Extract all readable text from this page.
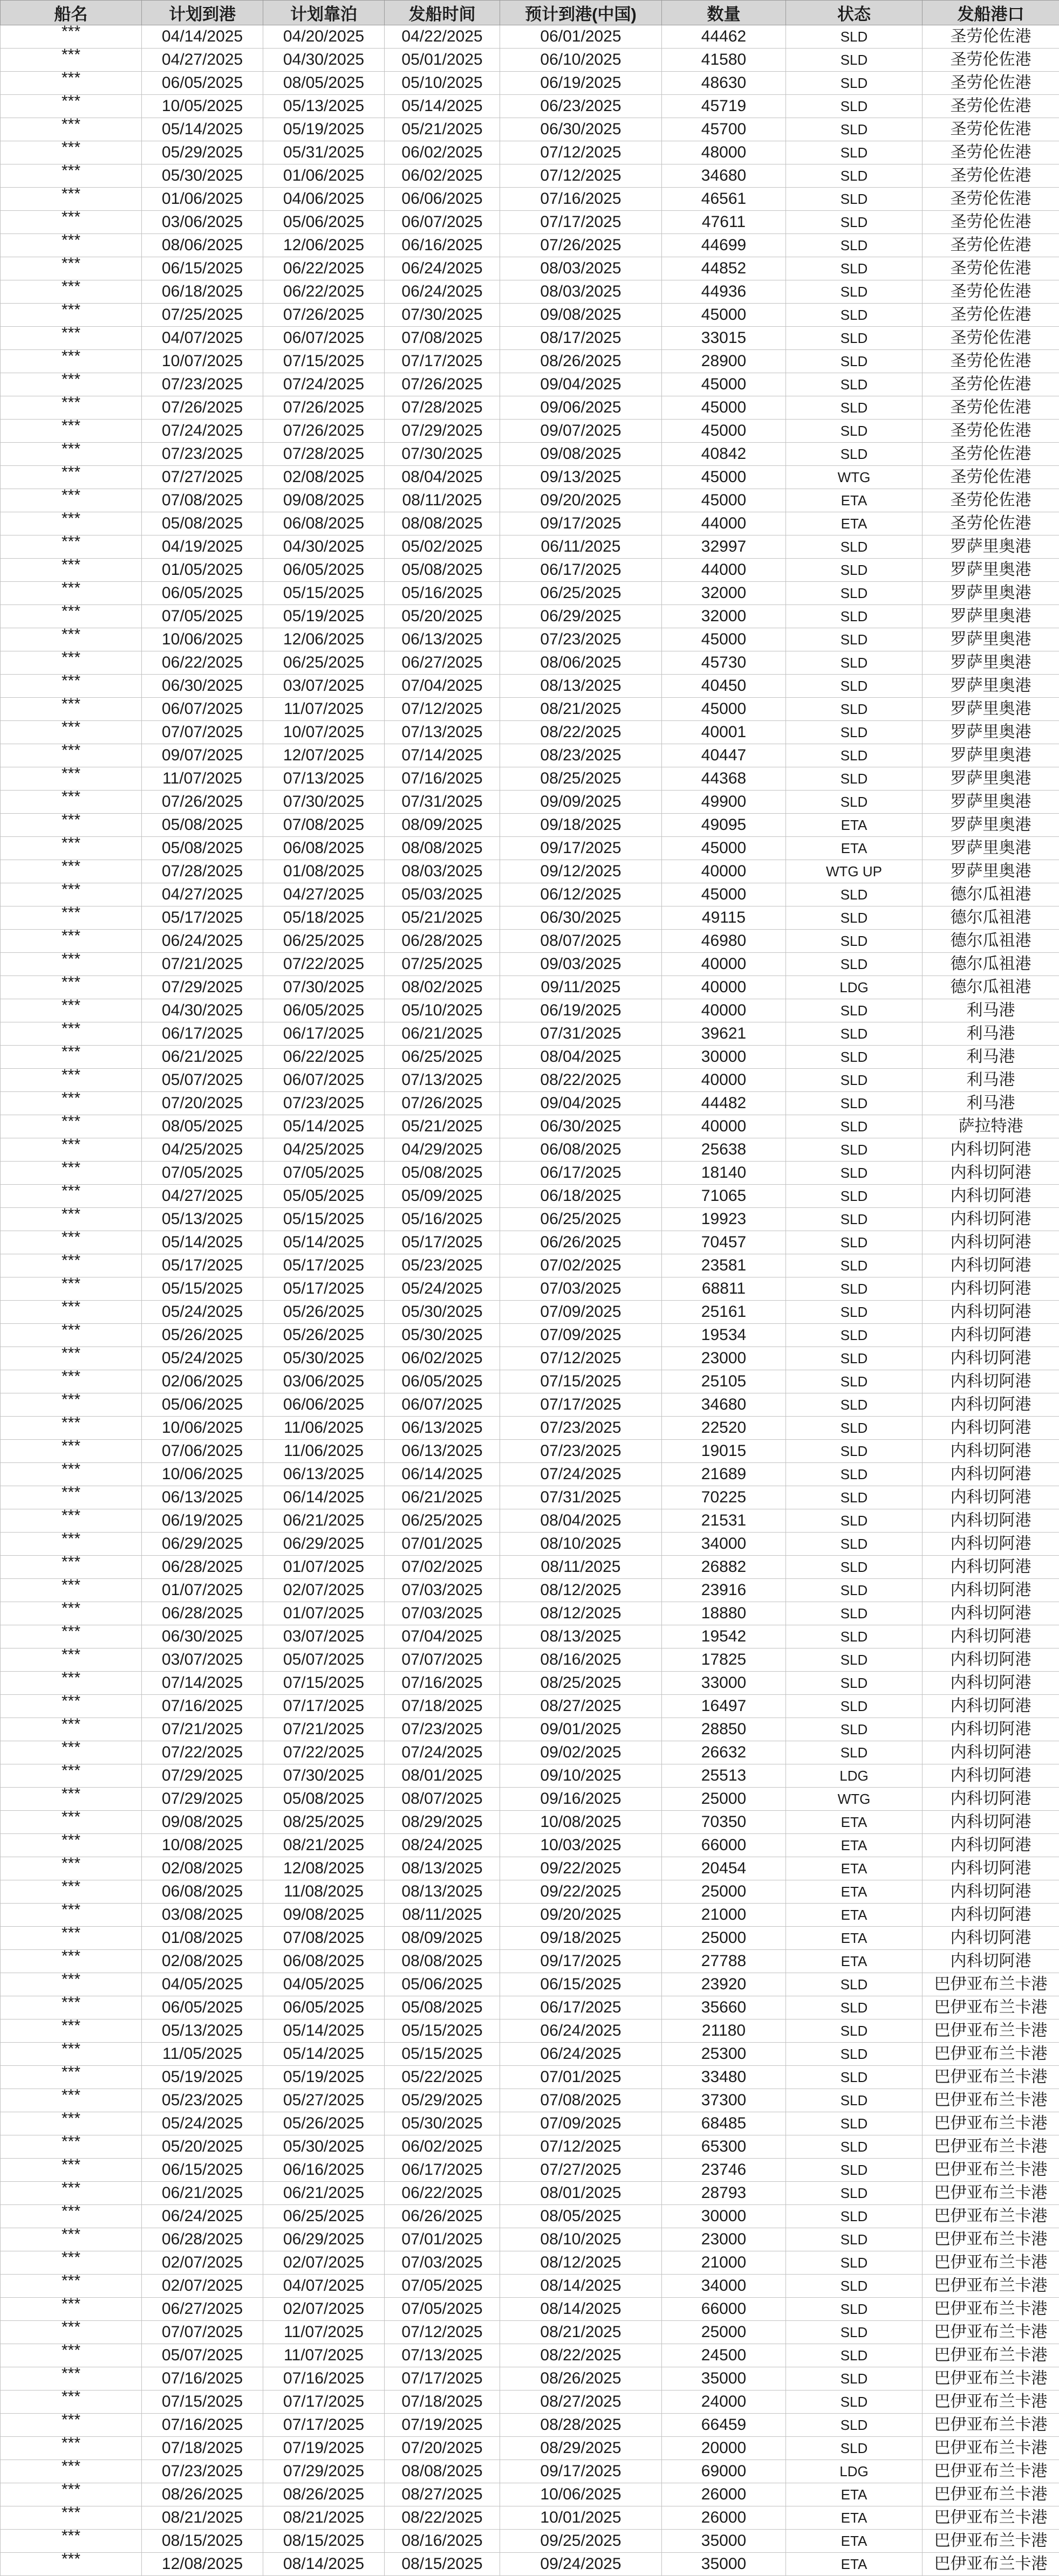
船名	计划到港	计划靠泊	发船时间	预计到港(中国)	数量	状态	发船港口
***	04/14/2025	04/20/2025	04/22/2025	06/01/2025	44462	SLD	圣劳伦佐港
***	04/27/2025	04/30/2025	05/01/2025	06/10/2025	41580	SLD	圣劳伦佐港
***	06/05/2025	08/05/2025	05/10/2025	06/19/2025	48630	SLD	圣劳伦佐港
***	10/05/2025	05/13/2025	05/14/2025	06/23/2025	45719	SLD	圣劳伦佐港
***	05/14/2025	05/19/2025	05/21/2025	06/30/2025	45700	SLD	圣劳伦佐港
***	05/29/2025	05/31/2025	06/02/2025	07/12/2025	48000	SLD	圣劳伦佐港
***	05/30/2025	01/06/2025	06/02/2025	07/12/2025	34680	SLD	圣劳伦佐港
***	01/06/2025	04/06/2025	06/06/2025	07/16/2025	46561	SLD	圣劳伦佐港
***	03/06/2025	05/06/2025	06/07/2025	07/17/2025	47611	SLD	圣劳伦佐港
***	08/06/2025	12/06/2025	06/16/2025	07/26/2025	44699	SLD	圣劳伦佐港
***	06/15/2025	06/22/2025	06/24/2025	08/03/2025	44852	SLD	圣劳伦佐港
***	06/18/2025	06/22/2025	06/24/2025	08/03/2025	44936	SLD	圣劳伦佐港
***	07/25/2025	07/26/2025	07/30/2025	09/08/2025	45000	SLD	圣劳伦佐港
***	04/07/2025	06/07/2025	07/08/2025	08/17/2025	33015	SLD	圣劳伦佐港
***	10/07/2025	07/15/2025	07/17/2025	08/26/2025	28900	SLD	圣劳伦佐港
***	07/23/2025	07/24/2025	07/26/2025	09/04/2025	45000	SLD	圣劳伦佐港
***	07/26/2025	07/26/2025	07/28/2025	09/06/2025	45000	SLD	圣劳伦佐港
***	07/24/2025	07/26/2025	07/29/2025	09/07/2025	45000	SLD	圣劳伦佐港
***	07/23/2025	07/28/2025	07/30/2025	09/08/2025	40842	SLD	圣劳伦佐港
***	07/27/2025	02/08/2025	08/04/2025	09/13/2025	45000	WTG	圣劳伦佐港
***	07/08/2025	09/08/2025	08/11/2025	09/20/2025	45000	ETA	圣劳伦佐港
***	05/08/2025	06/08/2025	08/08/2025	09/17/2025	44000	ETA	圣劳伦佐港
***	04/19/2025	04/30/2025	05/02/2025	06/11/2025	32997	SLD	罗萨里奥港
***	01/05/2025	06/05/2025	05/08/2025	06/17/2025	44000	SLD	罗萨里奥港
***	06/05/2025	05/15/2025	05/16/2025	06/25/2025	32000	SLD	罗萨里奥港
***	07/05/2025	05/19/2025	05/20/2025	06/29/2025	32000	SLD	罗萨里奥港
***	10/06/2025	12/06/2025	06/13/2025	07/23/2025	45000	SLD	罗萨里奥港
***	06/22/2025	06/25/2025	06/27/2025	08/06/2025	45730	SLD	罗萨里奥港
***	06/30/2025	03/07/2025	07/04/2025	08/13/2025	40450	SLD	罗萨里奥港
***	06/07/2025	11/07/2025	07/12/2025	08/21/2025	45000	SLD	罗萨里奥港
***	07/07/2025	10/07/2025	07/13/2025	08/22/2025	40001	SLD	罗萨里奥港
***	09/07/2025	12/07/2025	07/14/2025	08/23/2025	40447	SLD	罗萨里奥港
***	11/07/2025	07/13/2025	07/16/2025	08/25/2025	44368	SLD	罗萨里奥港
***	07/26/2025	07/30/2025	07/31/2025	09/09/2025	49900	SLD	罗萨里奥港
***	05/08/2025	07/08/2025	08/09/2025	09/18/2025	49095	ETA	罗萨里奥港
***	05/08/2025	06/08/2025	08/08/2025	09/17/2025	45000	ETA	罗萨里奥港
***	07/28/2025	01/08/2025	08/03/2025	09/12/2025	40000	WTG UP	罗萨里奥港
***	04/27/2025	04/27/2025	05/03/2025	06/12/2025	45000	SLD	德尔瓜祖港
***	05/17/2025	05/18/2025	05/21/2025	06/30/2025	49115	SLD	德尔瓜祖港
***	06/24/2025	06/25/2025	06/28/2025	08/07/2025	46980	SLD	德尔瓜祖港
***	07/21/2025	07/22/2025	07/25/2025	09/03/2025	40000	SLD	德尔瓜祖港
***	07/29/2025	07/30/2025	08/02/2025	09/11/2025	40000	LDG	德尔瓜祖港
***	04/30/2025	06/05/2025	05/10/2025	06/19/2025	40000	SLD	利马港
***	06/17/2025	06/17/2025	06/21/2025	07/31/2025	39621	SLD	利马港
***	06/21/2025	06/22/2025	06/25/2025	08/04/2025	30000	SLD	利马港
***	05/07/2025	06/07/2025	07/13/2025	08/22/2025	40000	SLD	利马港
***	07/20/2025	07/23/2025	07/26/2025	09/04/2025	44482	SLD	利马港
***	08/05/2025	05/14/2025	05/21/2025	06/30/2025	40000	SLD	萨拉特港
***	04/25/2025	04/25/2025	04/29/2025	06/08/2025	25638	SLD	内科切阿港
***	07/05/2025	07/05/2025	05/08/2025	06/17/2025	18140	SLD	内科切阿港
***	04/27/2025	05/05/2025	05/09/2025	06/18/2025	71065	SLD	内科切阿港
***	05/13/2025	05/15/2025	05/16/2025	06/25/2025	19923	SLD	内科切阿港
***	05/14/2025	05/14/2025	05/17/2025	06/26/2025	70457	SLD	内科切阿港
***	05/17/2025	05/17/2025	05/23/2025	07/02/2025	23581	SLD	内科切阿港
***	05/15/2025	05/17/2025	05/24/2025	07/03/2025	68811	SLD	内科切阿港
***	05/24/2025	05/26/2025	05/30/2025	07/09/2025	25161	SLD	内科切阿港
***	05/26/2025	05/26/2025	05/30/2025	07/09/2025	19534	SLD	内科切阿港
***	05/24/2025	05/30/2025	06/02/2025	07/12/2025	23000	SLD	内科切阿港
***	02/06/2025	03/06/2025	06/05/2025	07/15/2025	25105	SLD	内科切阿港
***	05/06/2025	06/06/2025	06/07/2025	07/17/2025	34680	SLD	内科切阿港
***	10/06/2025	11/06/2025	06/13/2025	07/23/2025	22520	SLD	内科切阿港
***	07/06/2025	11/06/2025	06/13/2025	07/23/2025	19015	SLD	内科切阿港
***	10/06/2025	06/13/2025	06/14/2025	07/24/2025	21689	SLD	内科切阿港
***	06/13/2025	06/14/2025	06/21/2025	07/31/2025	70225	SLD	内科切阿港
***	06/19/2025	06/21/2025	06/25/2025	08/04/2025	21531	SLD	内科切阿港
***	06/29/2025	06/29/2025	07/01/2025	08/10/2025	34000	SLD	内科切阿港
***	06/28/2025	01/07/2025	07/02/2025	08/11/2025	26882	SLD	内科切阿港
***	01/07/2025	02/07/2025	07/03/2025	08/12/2025	23916	SLD	内科切阿港
***	06/28/2025	01/07/2025	07/03/2025	08/12/2025	18880	SLD	内科切阿港
***	06/30/2025	03/07/2025	07/04/2025	08/13/2025	19542	SLD	内科切阿港
***	03/07/2025	05/07/2025	07/07/2025	08/16/2025	17825	SLD	内科切阿港
***	07/14/2025	07/15/2025	07/16/2025	08/25/2025	33000	SLD	内科切阿港
***	07/16/2025	07/17/2025	07/18/2025	08/27/2025	16497	SLD	内科切阿港
***	07/21/2025	07/21/2025	07/23/2025	09/01/2025	28850	SLD	内科切阿港
***	07/22/2025	07/22/2025	07/24/2025	09/02/2025	26632	SLD	内科切阿港
***	07/29/2025	07/30/2025	08/01/2025	09/10/2025	25513	LDG	内科切阿港
***	07/29/2025	05/08/2025	08/07/2025	09/16/2025	25000	WTG	内科切阿港
***	09/08/2025	08/25/2025	08/29/2025	10/08/2025	70350	ETA	内科切阿港
***	10/08/2025	08/21/2025	08/24/2025	10/03/2025	66000	ETA	内科切阿港
***	02/08/2025	12/08/2025	08/13/2025	09/22/2025	20454	ETA	内科切阿港
***	06/08/2025	11/08/2025	08/13/2025	09/22/2025	25000	ETA	内科切阿港
***	03/08/2025	09/08/2025	08/11/2025	09/20/2025	21000	ETA	内科切阿港
***	01/08/2025	07/08/2025	08/09/2025	09/18/2025	25000	ETA	内科切阿港
***	02/08/2025	06/08/2025	08/08/2025	09/17/2025	27788	ETA	内科切阿港
***	04/05/2025	04/05/2025	05/06/2025	06/15/2025	23920	SLD	巴伊亚布兰卡港
***	06/05/2025	06/05/2025	05/08/2025	06/17/2025	35660	SLD	巴伊亚布兰卡港
***	05/13/2025	05/14/2025	05/15/2025	06/24/2025	21180	SLD	巴伊亚布兰卡港
***	11/05/2025	05/14/2025	05/15/2025	06/24/2025	25300	SLD	巴伊亚布兰卡港
***	05/19/2025	05/19/2025	05/22/2025	07/01/2025	33480	SLD	巴伊亚布兰卡港
***	05/23/2025	05/27/2025	05/29/2025	07/08/2025	37300	SLD	巴伊亚布兰卡港
***	05/24/2025	05/26/2025	05/30/2025	07/09/2025	68485	SLD	巴伊亚布兰卡港
***	05/20/2025	05/30/2025	06/02/2025	07/12/2025	65300	SLD	巴伊亚布兰卡港
***	06/15/2025	06/16/2025	06/17/2025	07/27/2025	23746	SLD	巴伊亚布兰卡港
***	06/21/2025	06/21/2025	06/22/2025	08/01/2025	28793	SLD	巴伊亚布兰卡港
***	06/24/2025	06/25/2025	06/26/2025	08/05/2025	30000	SLD	巴伊亚布兰卡港
***	06/28/2025	06/29/2025	07/01/2025	08/10/2025	23000	SLD	巴伊亚布兰卡港
***	02/07/2025	02/07/2025	07/03/2025	08/12/2025	21000	SLD	巴伊亚布兰卡港
***	02/07/2025	04/07/2025	07/05/2025	08/14/2025	34000	SLD	巴伊亚布兰卡港
***	06/27/2025	02/07/2025	07/05/2025	08/14/2025	66000	SLD	巴伊亚布兰卡港
***	07/07/2025	11/07/2025	07/12/2025	08/21/2025	25000	SLD	巴伊亚布兰卡港
***	05/07/2025	11/07/2025	07/13/2025	08/22/2025	24500	SLD	巴伊亚布兰卡港
***	07/16/2025	07/16/2025	07/17/2025	08/26/2025	35000	SLD	巴伊亚布兰卡港
***	07/15/2025	07/17/2025	07/18/2025	08/27/2025	24000	SLD	巴伊亚布兰卡港
***	07/16/2025	07/17/2025	07/19/2025	08/28/2025	66459	SLD	巴伊亚布兰卡港
***	07/18/2025	07/19/2025	07/20/2025	08/29/2025	20000	SLD	巴伊亚布兰卡港
***	07/23/2025	07/29/2025	08/08/2025	09/17/2025	69000	LDG	巴伊亚布兰卡港
***	08/26/2025	08/26/2025	08/27/2025	10/06/2025	26000	ETA	巴伊亚布兰卡港
***	08/21/2025	08/21/2025	08/22/2025	10/01/2025	26000	ETA	巴伊亚布兰卡港
***	08/15/2025	08/15/2025	08/16/2025	09/25/2025	35000	ETA	巴伊亚布兰卡港
***	12/08/2025	08/14/2025	08/15/2025	09/24/2025	35000	ETA	巴伊亚布兰卡港
